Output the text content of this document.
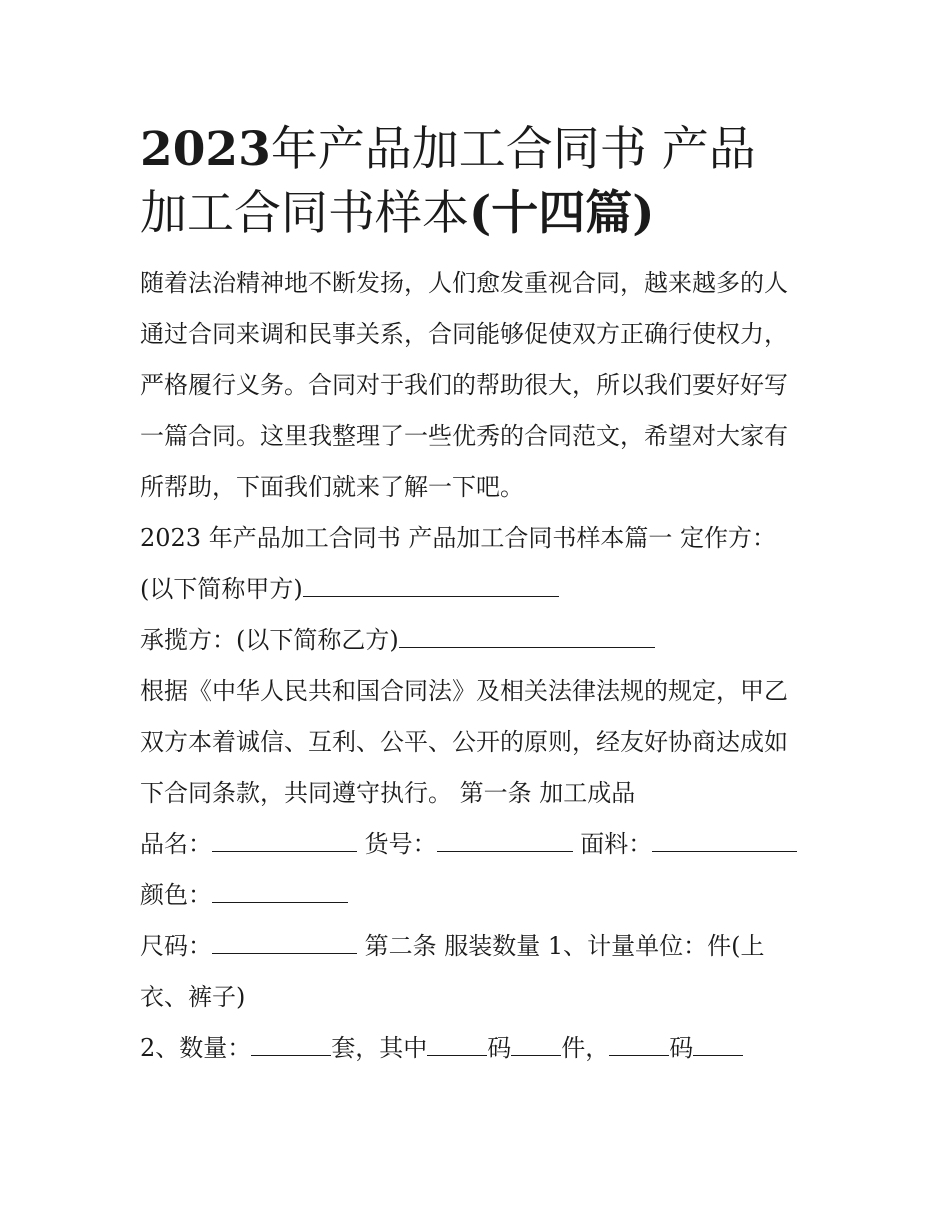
2023年产品加工合同书 产品
加工合同书样本(十四篇)

随着法治精神地不断发扬，人们愈发重视合同，越来越多的人

通过合同来调和民事关系，合同能够促使双方正确行使权力，

严格履行义务。合同对于我们的帮助很大，所以我们要好好写

一篇合同。这里我整理了一些优秀的合同范文，希望对大家有

所帮助，下面我们就来了解一下吧。

2023 年产品加工合同书 产品加工合同书样本篇一 定作方：

(以下简称甲方)

承揽方：(以下简称乙方)

根据《中华人民共和国合同法》及相关法律法规的规定，甲乙

双方本着诚信、互利、公平、公开的原则，经友好协商达成如

下合同条款，共同遵守执行。 第一条 加工成品

品名：	货号：	面料：

颜色：

尺码：	第二条 服装数量 1、计量单位：件(上

衣、裤子)

2、数量：	套，其中	码 件，	码
